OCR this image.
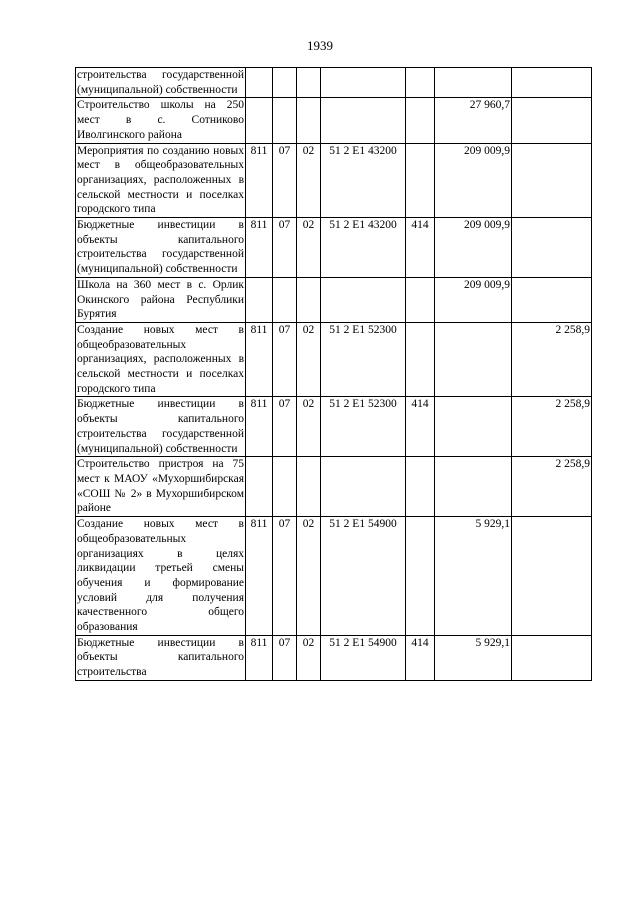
1939
строительства государственной (муниципальной) собственности							
Строительство школы на 250 мест в с. Сотниково Иволгинского района						27 960,7	
Мероприятия по созданию новых мест в общеобразовательных организациях, расположенных в сельской местности и поселках городского типа	811	07	02	51 2 E1 43200		209 009,9	
Бюджетные инвестиции в объекты капитального строительства государственной (муниципальной) собственности	811	07	02	51 2 E1 43200	414	209 009,9	
Школа на 360 мест в с. Орлик Окинского района Республики Бурятия						209 009,9	
Создание новых мест в общеобразовательных организациях, расположенных в сельской местности и поселках городского типа	811	07	02	51 2 E1 52300			2 258,9
Бюджетные инвестиции в объекты капитального строительства государственной (муниципальной) собственности	811	07	02	51 2 E1 52300	414		2 258,9
Строительство пристроя на 75 мест к МАОУ «Мухоршибирская «СОШ № 2» в Мухоршибирском районе							2 258,9
Создание новых мест в общеобразовательных организациях в целях ликвидации третьей смены обучения и формирование условий для получения качественного общего образования	811	07	02	51 2 E1 54900		5 929,1	
Бюджетные инвестиции в объекты капитального строительства	811	07	02	51 2 E1 54900	414	5 929,1	
